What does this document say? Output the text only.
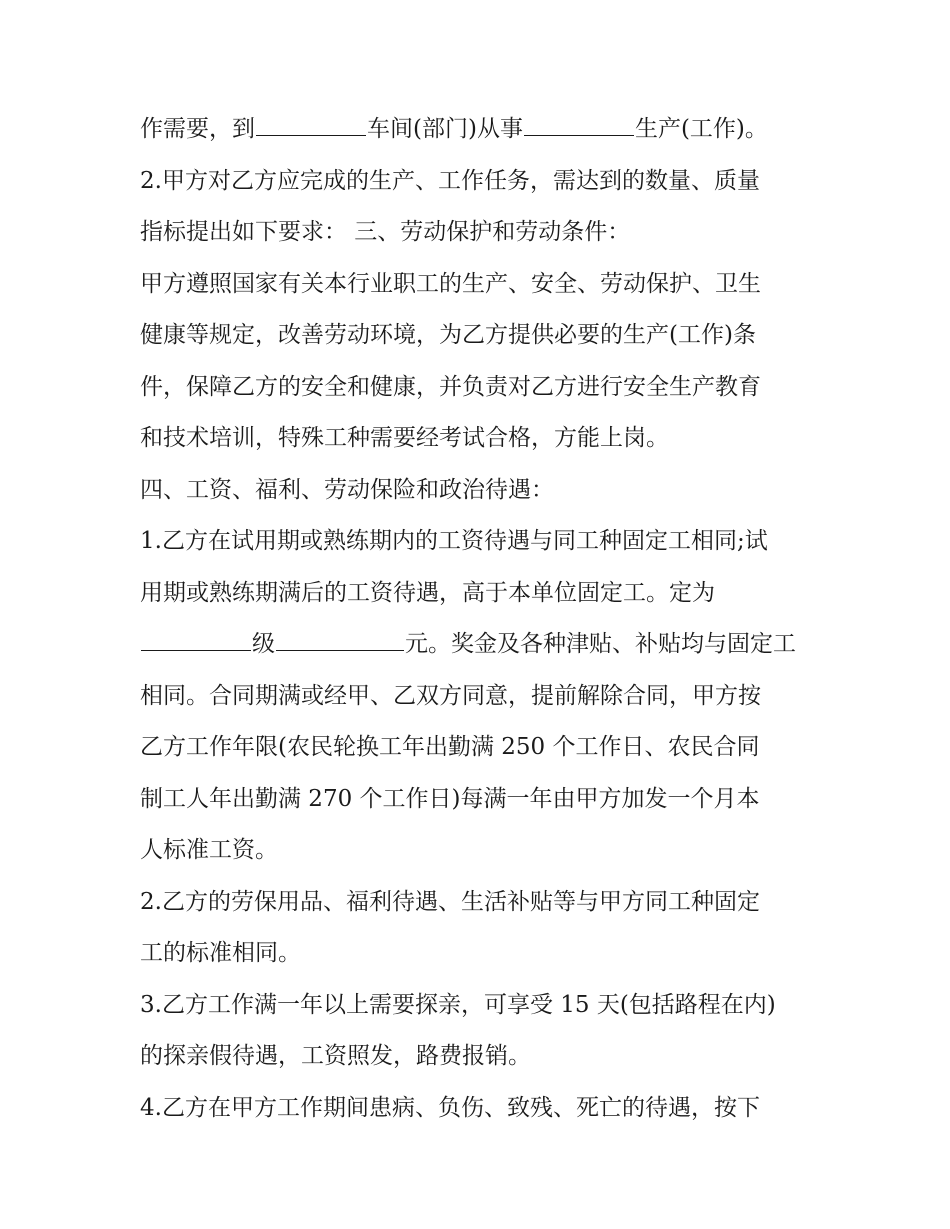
作需要，到	车间(部门)从事	生产(工作)。
2.甲方对乙方应完成的生产、工作任务，需达到的数量、质量
指标提出如下要求： 三、劳动保护和劳动条件：
甲方遵照国家有关本行业职工的生产、安全、劳动保护、卫生
健康等规定，改善劳动环境，为乙方提供必要的生产(工作)条
件，保障乙方的安全和健康，并负责对乙方进行安全生产教育
和技术培训，特殊工种需要经考试合格，方能上岗。
四、工资、福利、劳动保险和政治待遇：
1.乙方在试用期或熟练期内的工资待遇与同工种固定工相同;试
用期或熟练期满后的工资待遇，高于本单位固定工。定为
级	元。奖金及各种津贴、补贴均与固定工
相同。合同期满或经甲、乙双方同意，提前解除合同，甲方按
乙方工作年限(农民轮换工年出勤满 250 个工作日、农民合同
制工人年出勤满 270 个工作日)每满一年由甲方加发一个月本
人标准工资。
2.乙方的劳保用品、福利待遇、生活补贴等与甲方同工种固定
工的标准相同。
3.乙方工作满一年以上需要探亲，可享受 15 天(包括路程在内)
的探亲假待遇，工资照发，路费报销。
4.乙方在甲方工作期间患病、负伤、致残、死亡的待遇，按下
